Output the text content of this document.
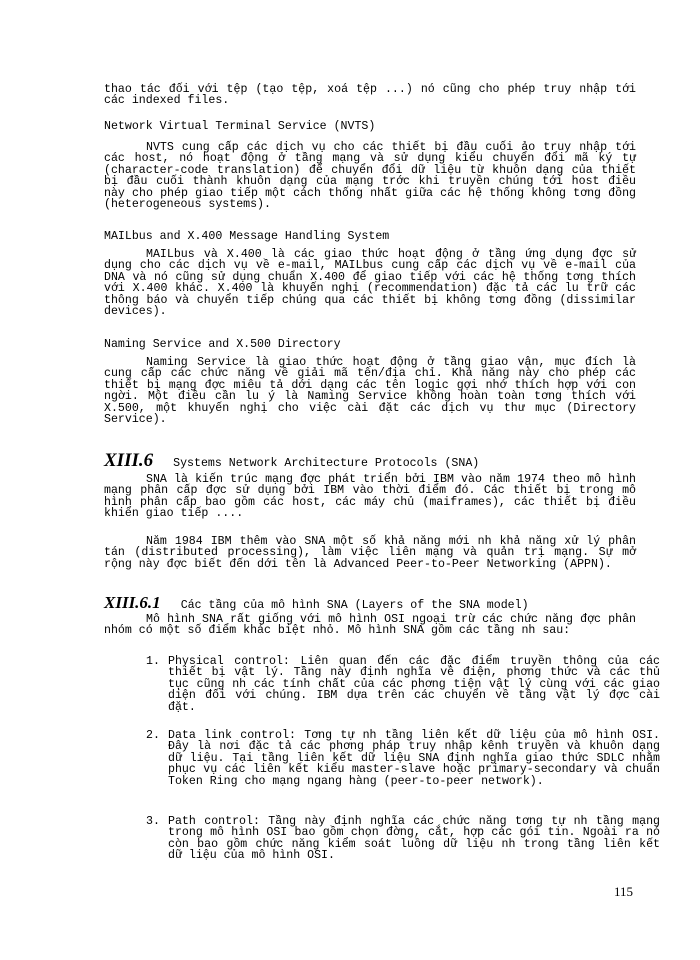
thao tác đối với tệp (tạo tệp, xoá tệp ...) nó cũng cho phép truy nhập tới các indexed files.

Network Virtual Terminal Service (NVTS)

NVTS cung cấp các dịch vụ cho các thiết bị đầu cuối ảo truy nhập tới các host, nó hoạt động ở tầng mạng và sử dụng kiểu chuyển đổi mã ký tự (character-code translation) để chuyển đổi dữ liệu từ khuôn dạng của thiết bị đầu cuối thành khuôn dạng của mạng trớc khi truyền chúng tới host điều này cho phép giao tiếp một cách thống nhất giữa các hệ thống không tơng đồng (heterogeneous systems).

MAILbus and X.400 Message Handling System

MAILbus và X.400 là các giao thức hoạt động ở tầng ứng dụng đợc sử dụng cho các dịch vụ về e-mail, MAILbus cung cấp các dịch vụ về e-mail của DNA và nó cũng sử dụng chuẩn X.400 để giao tiếp với các hệ thống tơng thích với X.400 khác. X.400 là khuyến nghị (recommendation) đặc tả các lu trữ các thông báo và chuyển tiếp chúng qua các thiết bị không tơng đồng (dissimilar devices).

Naming Service and X.500 Directory

Naming Service là giao thức hoạt động ở tầng giao vận, mục đích là cung cấp các chức năng về giải mã tên/địa chỉ. Khả năng này cho phép các thiết bị mạng đợc miêu tả dới dạng các tên logic gợi nhớ thích hợp với con ngời. Một điều cần lu ý là Naming Service không hoàn toàn tơng thích với X.500, một khuyến nghị cho việc cài đặt các dịch vụ thư mục (Directory Service).

XIII.6 Systems Network Architecture Protocols (SNA)

SNA là kiến trúc mạng đợc phát triển bởi IBM vào năm 1974 theo mô hình mạng phân cấp đợc sử dụng bởi IBM vào thời điểm đó. Các thiết bị trong mô hình phân cấp bao gồm các host, các máy chủ (maiframes), các thiết bị điều khiển giao tiếp ....

Năm 1984 IBM thêm vào SNA một số khả năng mới nh khả năng xử lý phân tán (distributed processing), làm việc liên mạng và quản trị mạng. Sự mở rộng này đợc biết đến dới tên là Advanced Peer-to-Peer Networking (APPN).

XIII.6.1 Các tầng của mô hình SNA (Layers of the SNA model)

Mô hình SNA rất giống với mô hình OSI ngoại trừ các chức năng đợc phân nhóm có một số điểm khác biệt nhỏ. Mô hình SNA gồm các tầng nh sau:

1. Physical control: Liên quan đến các đặc điểm truyền thông của các thiết bị vật lý. Tầng này định nghĩa về điện, phơng thức và các thủ tục cũng nh các tính chất của các phơng tiện vật lý cùng với các giao diện đối với chúng. IBM dựa trên các chuyển về tầng vật lý đợc cài đặt.
2. Data link control: Tơng tự nh tầng liên kết dữ liệu của mô hình OSI. Đây là nơi đặc tả các phơng pháp truy nhập kênh truyền và khuôn dạng dữ liệu. Tại tầng liên kết dữ liệu SNA định nghĩa giao thức SDLC nhằm phục vụ các liên kết kiểu master-slave hoặc primary-secondary và chuẩn Token Ring cho mạng ngang hàng (peer-to-peer network).
3. Path control: Tầng này định nghĩa các chức năng tơng tự nh tầng mạng trong mô hình OSI bao gồm chọn đờng, cắt, hợp các gói tin. Ngoài ra nó còn bao gồm chức năng kiểm soát luồng dữ liệu nh trong tầng liên kết dữ liệu của mô hình OSI.
115
